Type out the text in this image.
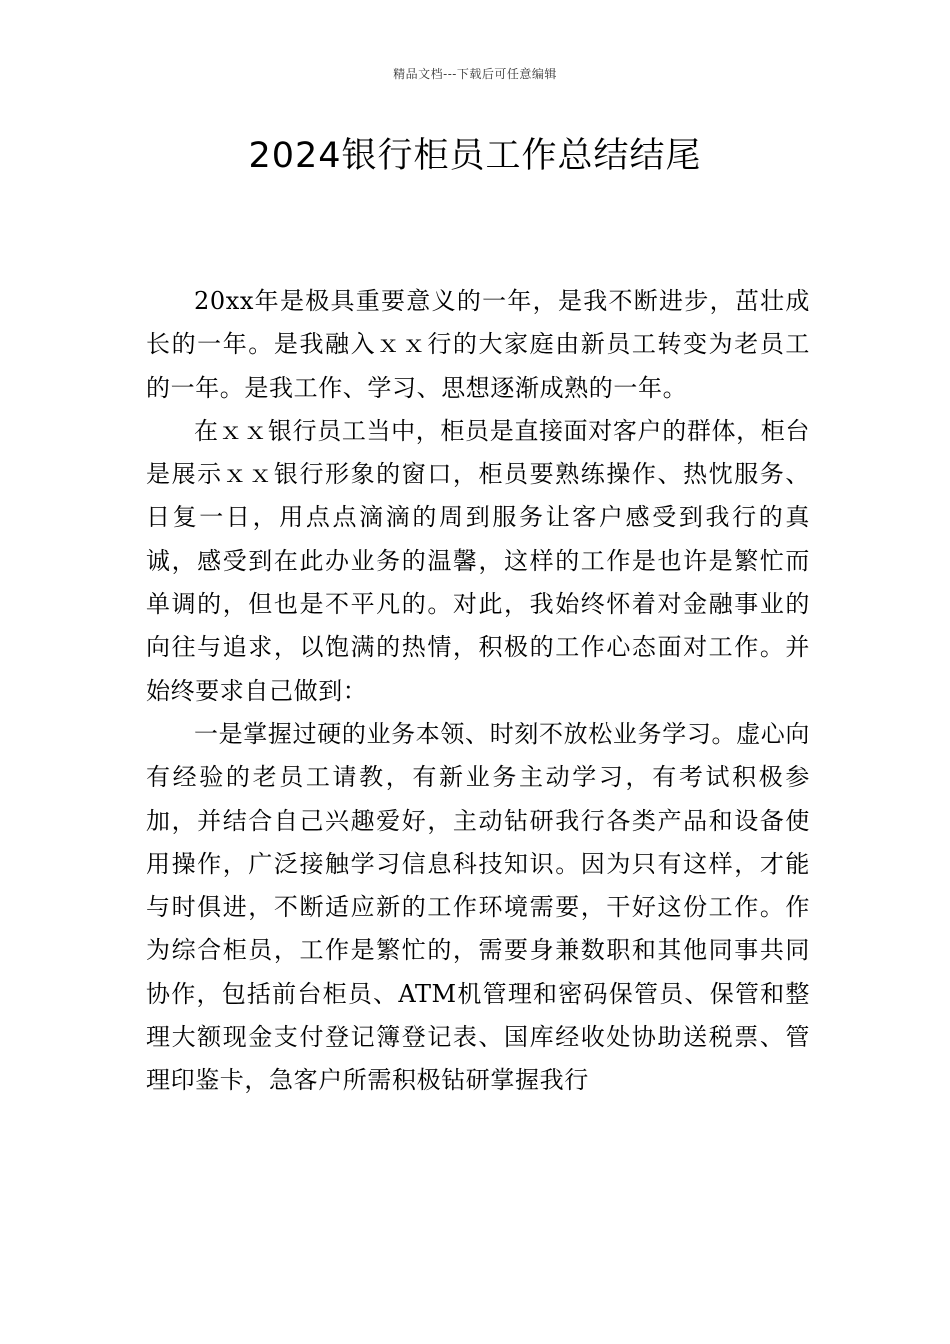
精品文档---下载后可任意编辑
2024银行柜员工作总结结尾

20xx年是极具重要意义的一年，是我不断进步，茁壮成长的一年。是我融入ｘｘ行的大家庭由新员工转变为老员工的一年。是我工作、学习、思想逐渐成熟的一年。

在ｘｘ银行员工当中，柜员是直接面对客户的群体，柜台是展示ｘｘ银行形象的窗口，柜员要熟练操作、热忱服务、日复一日，用点点滴滴的周到服务让客户感受到我行的真诚，感受到在此办业务的温馨，这样的工作是也许是繁忙而单调的，但也是不平凡的。对此，我始终怀着对金融事业的向往与追求，以饱满的热情，积极的工作心态面对工作。并始终要求自己做到：

一是掌握过硬的业务本领、时刻不放松业务学习。虚心向有经验的老员工请教，有新业务主动学习，有考试积极参加，并结合自己兴趣爱好，主动钻研我行各类产品和设备使用操作，广泛接触学习信息科技知识。因为只有这样，才能与时俱进，不断适应新的工作环境需要，干好这份工作。作为综合柜员，工作是繁忙的，需要身兼数职和其他同事共同协作，包括前台柜员、ATM机管理和密码保管员、保管和整理大额现金支付登记簿登记表、国库经收处协助送税票、管理印鉴卡，急客户所需积极钻研掌握我行
